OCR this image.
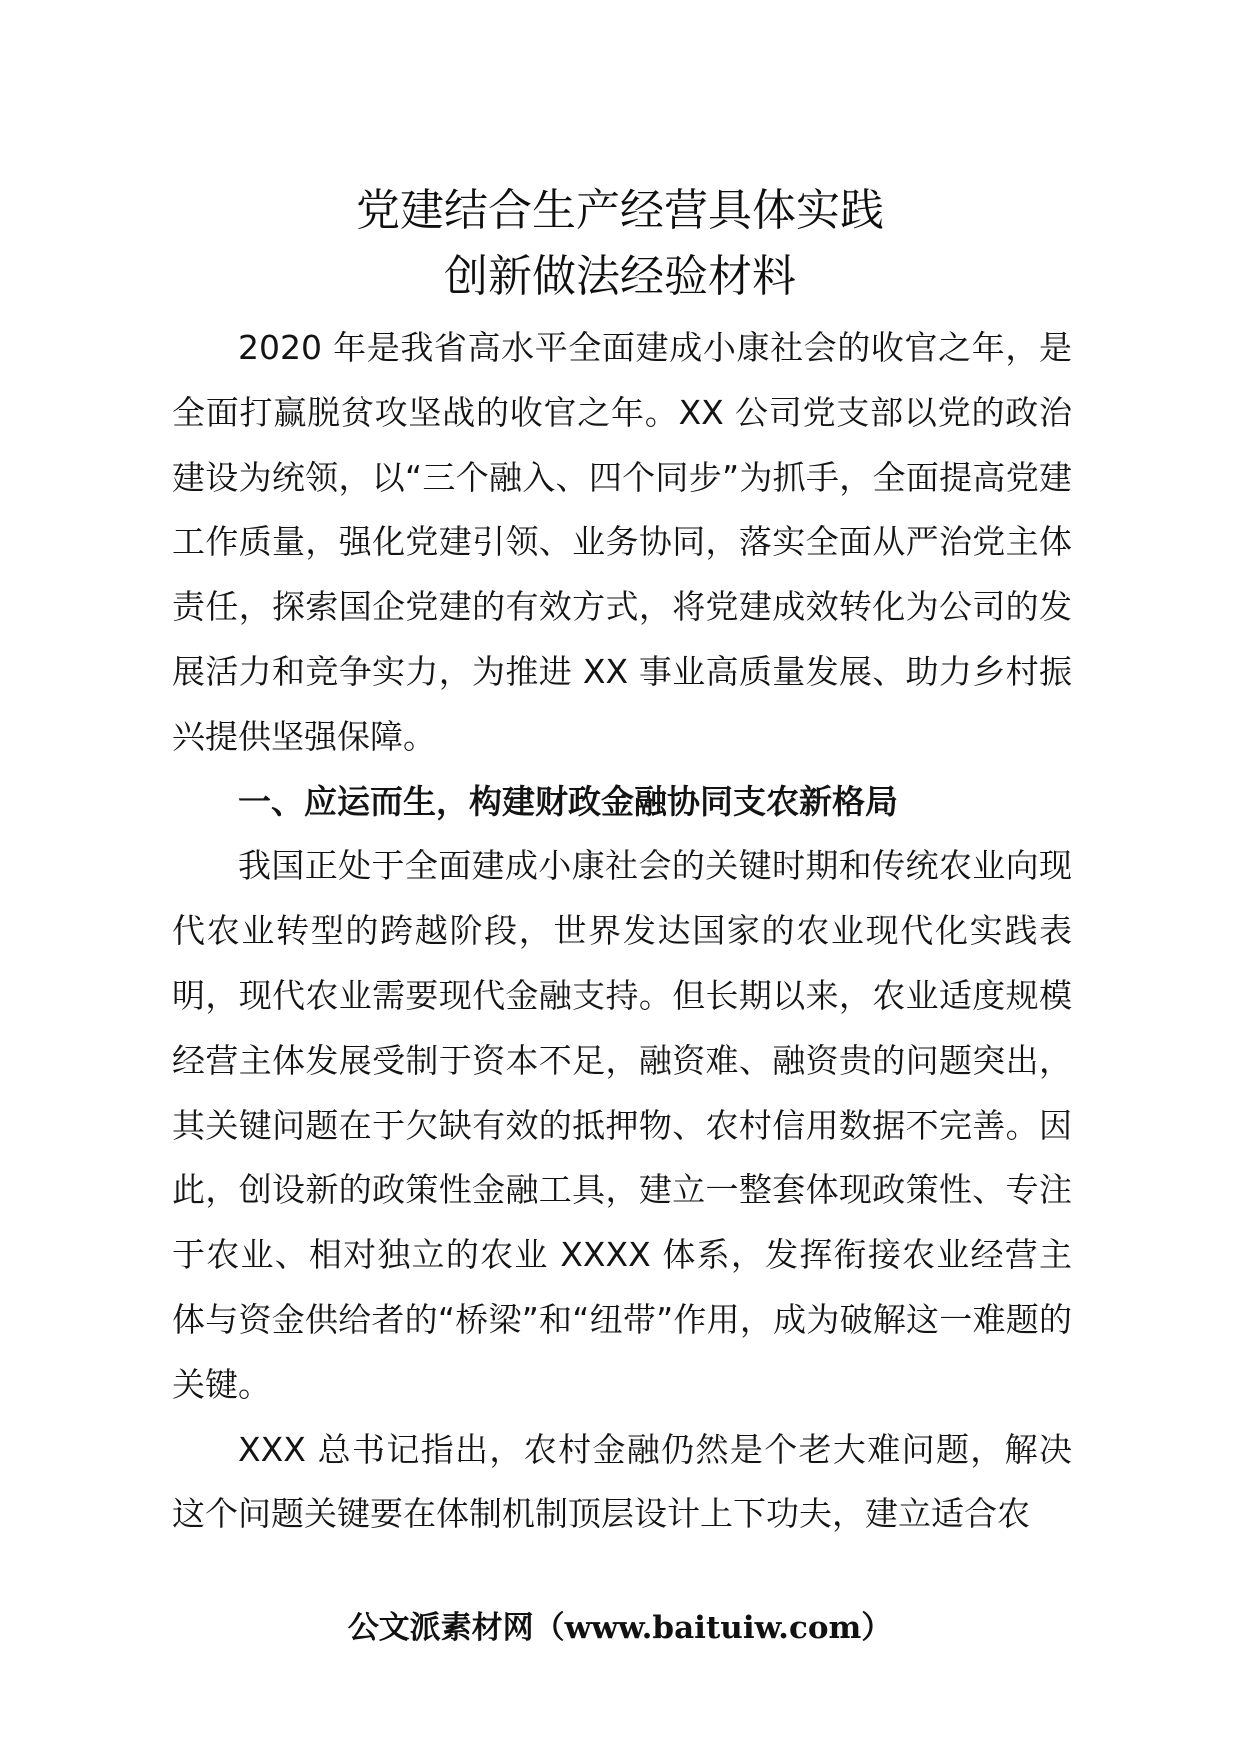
党建结合生产经营具体实践
创新做法经验材料

2020 年是我省高水平全面建成小康社会的收官之年，是全面打赢脱贫攻坚战的收官之年。XX 公司党支部以党的政治建设为统领，以“三个融入、四个同步”为抓手，全面提高党建工作质量，强化党建引领、业务协同，落实全面从严治党主体责任，探索国企党建的有效方式，将党建成效转化为公司的发展活力和竞争实力，为推进 XX 事业高质量发展、助力乡村振兴提供坚强保障。

一、应运而生，构建财政金融协同支农新格局

我国正处于全面建成小康社会的关键时期和传统农业向现代农业转型的跨越阶段，世界发达国家的农业现代化实践表明，现代农业需要现代金融支持。但长期以来，农业适度规模经营主体发展受制于资本不足，融资难、融资贵的问题突出，其关键问题在于欠缺有效的抵押物、农村信用数据不完善。因此，创设新的政策性金融工具，建立一整套体现政策性、专注于农业、相对独立的农业 XXXX 体系，发挥衔接农业经营主体与资金供给者的“桥梁”和“纽带”作用，成为破解这一难题的关键。

XXX 总书记指出，农村金融仍然是个老大难问题，解决这个问题关键要在体制机制顶层设计上下功夫，建立适合农

公文派素材网（www.baituiw.com）
